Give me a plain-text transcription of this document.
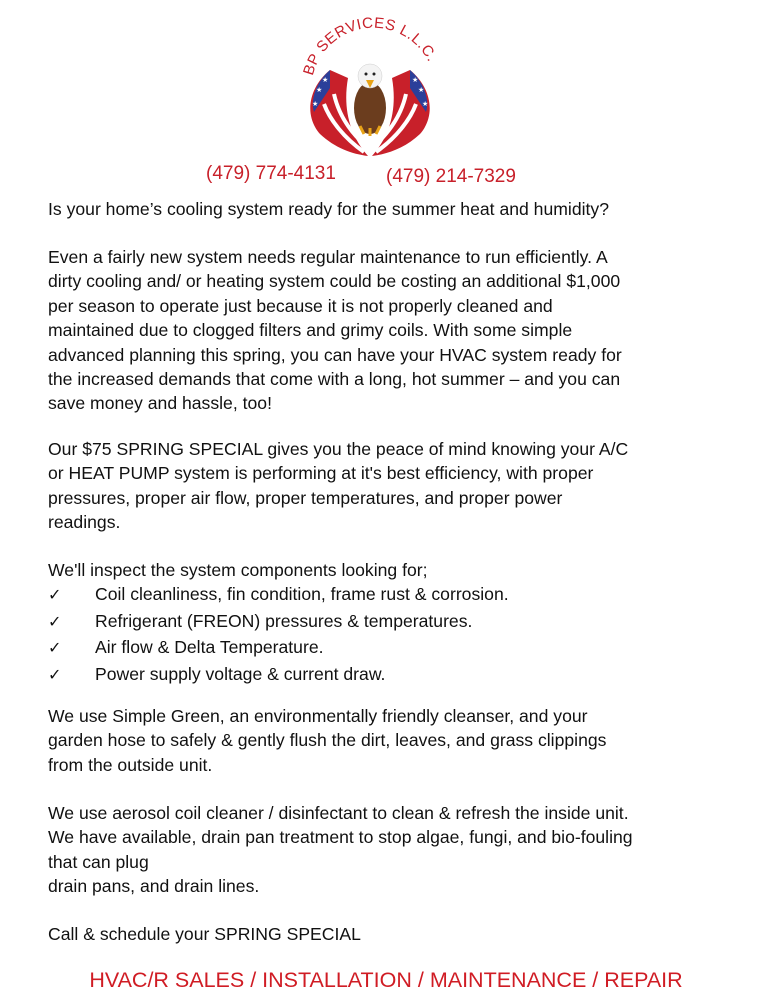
BP SERVICES L.L.C.
★
★
★
★
★
★
(479) 774-4131	(479) 214-7329
Is your home’s cooling system ready for the summer heat and humidity?
Even a fairly new system needs regular maintenance to run efficiently. A
dirty cooling and/ or heating system could be costing an additional $1,000
per season to operate just because it is not properly cleaned and
maintained due to clogged filters and grimy coils. With some simple
advanced planning this spring, you can have your HVAC system ready for
the increased demands that come with a long, hot summer – and you can
save money and hassle, too!
Our $75 SPRING SPECIAL gives you the peace of mind knowing your A/C
or HEAT PUMP system is performing at it's best efficiency, with proper
pressures, proper air flow, proper temperatures, and proper power
readings.
We'll inspect the system components looking for;
✓ Coil cleanliness, fin condition, frame rust & corrosion.
✓ Refrigerant (FREON) pressures & temperatures.
✓ Air flow & Delta Temperature.
✓ Power supply voltage & current draw.
We use Simple Green, an environmentally friendly cleanser, and your
garden hose to safely & gently flush the dirt, leaves, and grass clippings
from the outside unit.
We use aerosol coil cleaner / disinfectant to clean & refresh the inside unit.
We have available, drain pan treatment to stop algae, fungi, and bio-fouling
that can plug
drain pans, and drain lines.
Call & schedule your SPRING SPECIAL
HVAC/R SALES / INSTALLATION / MAINTENANCE / REPAIR
